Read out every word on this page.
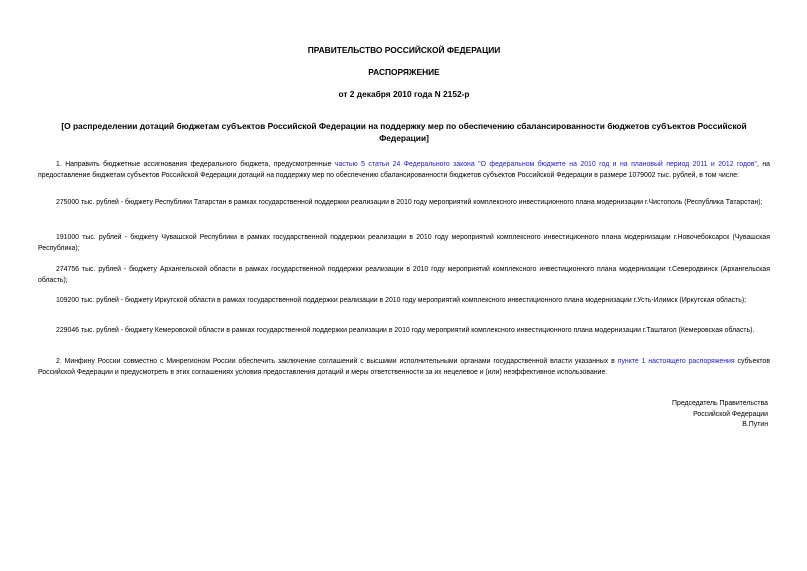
ПРАВИТЕЛЬСТВО РОССИЙСКОЙ ФЕДЕРАЦИИ
РАСПОРЯЖЕНИЕ
от 2 декабря 2010 года N 2152-р
[О распределении дотаций бюджетам субъектов Российской Федерации на поддержку мер по обеспечению сбалансированности бюджетов субъектов Российской Федерации]

1. Направить бюджетные ассигнования федерального бюджета, предусмотренные частью 5 статьи 24 Федерального закона "О федеральном бюджете на 2010 год и на плановый период 2011 и 2012 годов", на предоставление бюджетам субъектов Российской Федерации дотаций на поддержку мер по обеспечению сбалансированности бюджетов субъектов Российской Федерации в размере 1079002 тыс. рублей, в том числе:

275000 тыс. рублей - бюджету Республики Татарстан в рамках государственной поддержки реализации в 2010 году мероприятий комплексного инвестиционного плана модернизации г.Чистополь (Республика Татарстан);

191000 тыс. рублей - бюджету Чувашской Республики в рамках государственной поддержки реализации в 2010 году мероприятий комплексного инвестиционного плана модернизации г.Новочебоксарск (Чувашская Республика);

274756 тыс. рублей - бюджету Архангельской области в рамках государственной поддержки реализации в 2010 году мероприятий комплексного инвестиционного плана модернизации г.Северодвинск (Архангельская область);

109200 тыс. рублей - бюджету Иркутской области в рамках государственной поддержки реализации в 2010 году мероприятий комплексного инвестиционного плана модернизации г.Усть-Илимск (Иркутская область);

229046 тыс. рублей - бюджету Кемеровской области в рамках государственной поддержки реализации в 2010 году мероприятий комплексного инвестиционного плана модернизации г.Таштагол (Кемеровская область).

2. Минфину России совместно с Минрегионом России обеспечить заключение соглашений с высшими исполнительными органами государственной власти указанных в пункте 1 настоящего распоряжения субъектов Российской Федерации и предусмотреть в этих соглашениях условия предоставления дотаций и меры ответственности за их нецелевое и (или) неэффективное использование.

Председатель Правительства
Российской Федерации
В.Путин
